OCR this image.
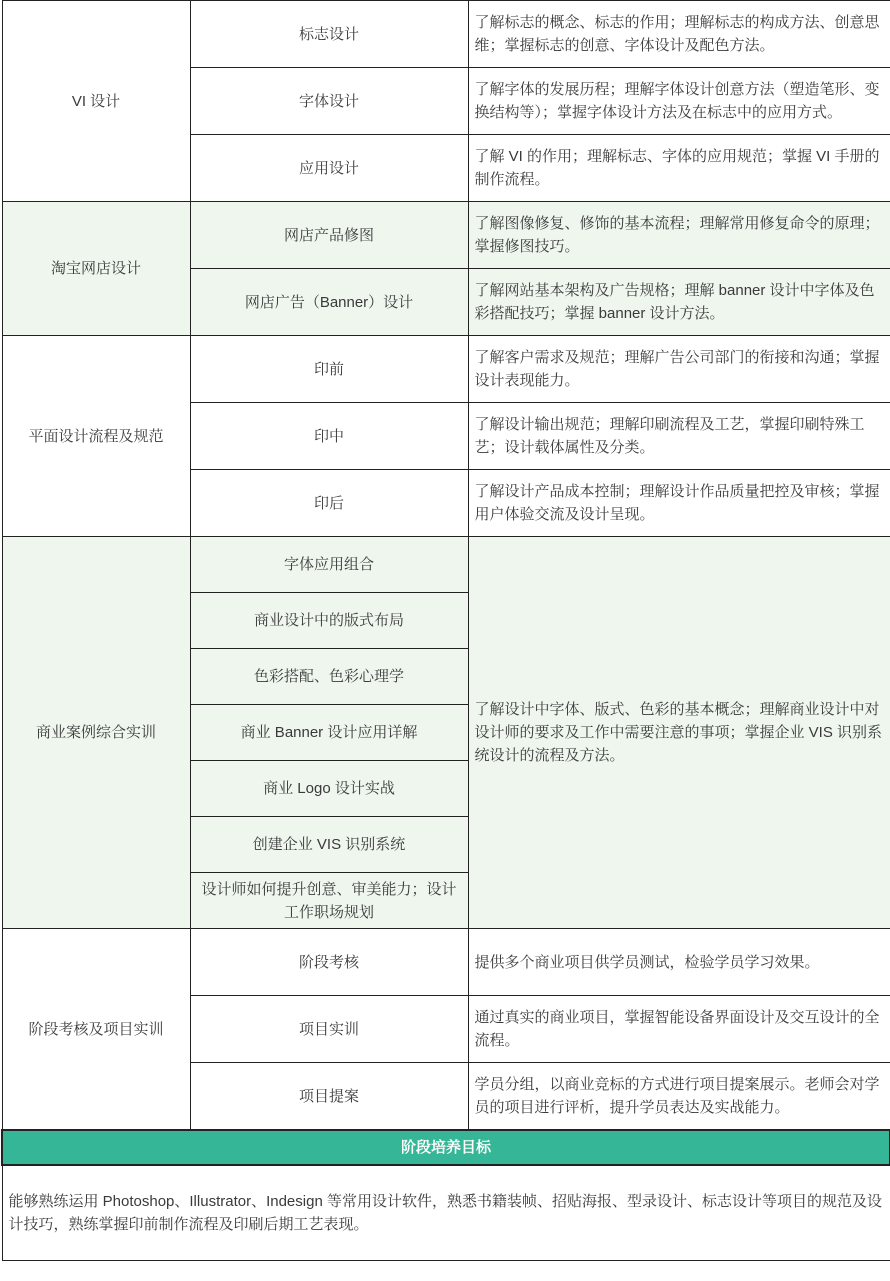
VI 设计	标志设计	了解标志的概念、标志的作用；理解标志的构成方法、创意思维；掌握标志的创意、字体设计及配色方法。
	字体设计	了解字体的发展历程；理解字体设计创意方法（塑造笔形、变换结构等）；掌握字体设计方法及在标志中的应用方式。
	应用设计	了解 VI 的作用；理解标志、字体的应用规范；掌握 VI 手册的制作流程。
淘宝网店设计	网店产品修图	了解图像修复、修饰的基本流程；理解常用修复命令的原理；掌握修图技巧。
	网店广告（Banner）设计	了解网站基本架构及广告规格；理解 banner 设计中字体及色彩搭配技巧；掌握 banner 设计方法。
平面设计流程及规范	印前	了解客户需求及规范；理解广告公司部门的衔接和沟通；掌握设计表现能力。
	印中	了解设计输出规范；理解印刷流程及工艺，掌握印刷特殊工艺；设计载体属性及分类。
	印后	了解设计产品成本控制；理解设计作品质量把控及审核；掌握用户体验交流及设计呈现。
商业案例综合实训	字体应用组合	了解设计中字体、版式、色彩的基本概念；理解商业设计中对设计师的要求及工作中需要注意的事项；掌握企业 VIS 识别系统设计的流程及方法。
	商业设计中的版式布局	
	色彩搭配、色彩心理学	
	商业 Banner 设计应用详解	
	商业 Logo 设计实战	
	创建企业 VIS 识别系统	
	设计师如何提升创意、审美能力；设计工作职场规划	
阶段考核及项目实训	阶段考核	提供多个商业项目供学员测试，检验学员学习效果。
	项目实训	通过真实的商业项目，掌握智能设备界面设计及交互设计的全流程。
	项目提案	学员分组，以商业竞标的方式进行项目提案展示。老师会对学员的项目进行评析，提升学员表达及实战能力。
阶段培养目标		
能够熟练运用 Photoshop、Illustrator、Indesign 等常用设计软件，熟悉书籍装帧、招贴海报、型录设计、标志设计等项目的规范及设计技巧，熟练掌握印前制作流程及印刷后期工艺表现。		
